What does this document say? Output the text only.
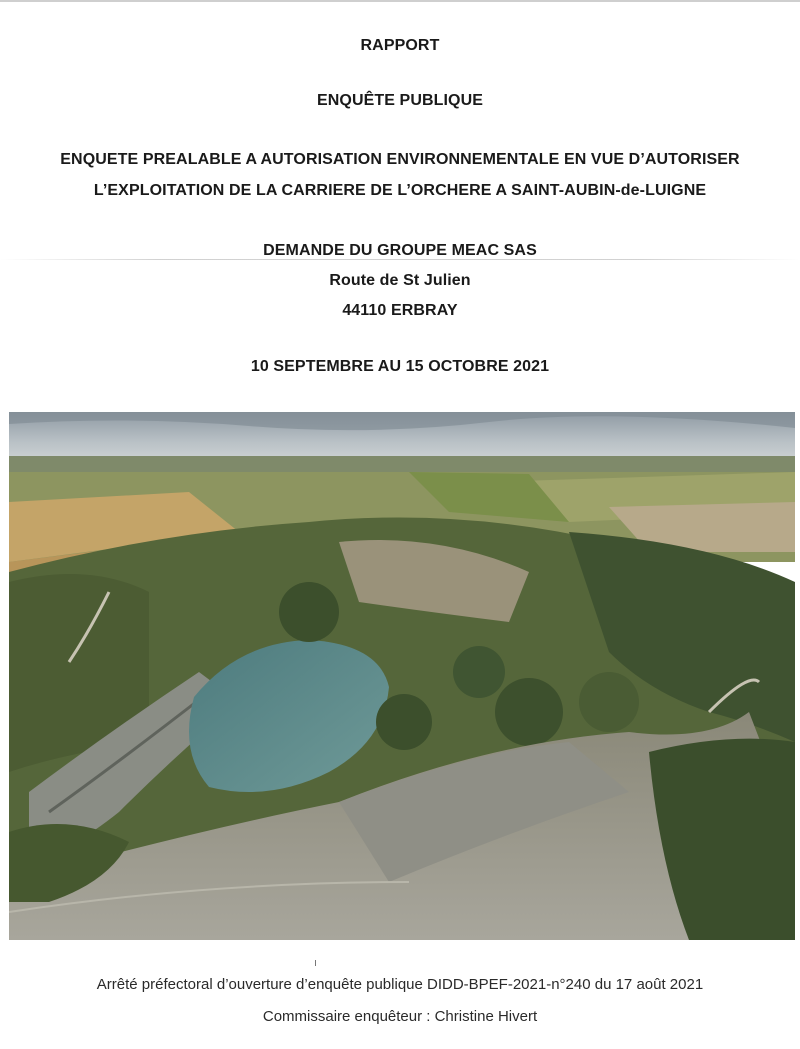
RAPPORT
ENQUÊTE PUBLIQUE
ENQUETE PREALABLE A AUTORISATION ENVIRONNEMENTALE EN VUE D’AUTORISER
L’EXPLOITATION DE LA CARRIERE DE L’ORCHERE A SAINT-AUBIN-de-LUIGNE
DEMANDE DU GROUPE MEAC SAS
Route de St Julien
44110 ERBRAY
10 SEPTEMBRE AU 15 OCTOBRE 2021
Arrêté préfectoral d’ouverture d’enquête publique DIDD-BPEF-2021-n°240 du 17 août 2021
Commissaire enquêteur : Christine Hivert
